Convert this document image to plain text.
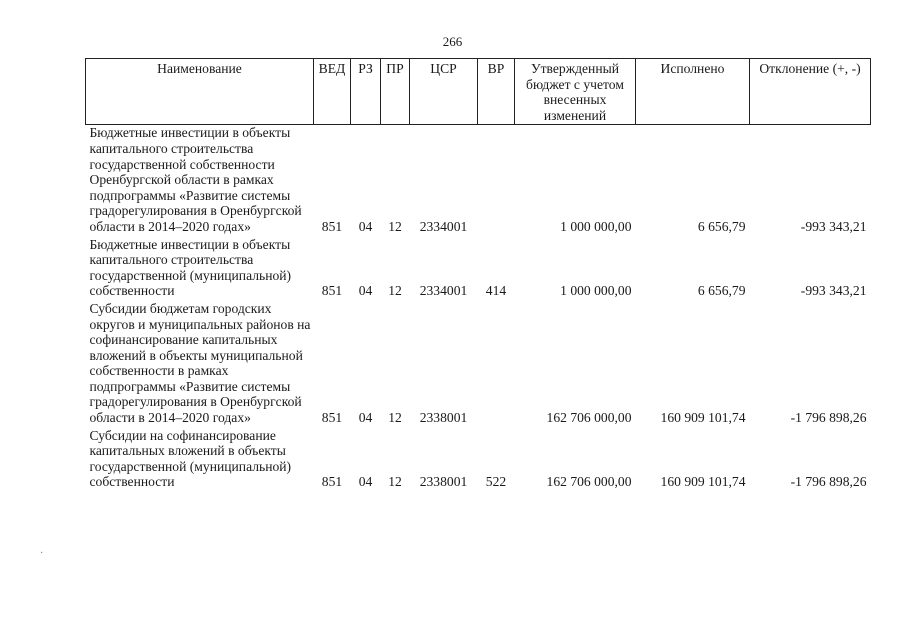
266
Наименование	ВЕД	РЗ	ПР	ЦСР	ВР	Утвержденный бюджет с учетом внесенных изменений	Исполнено	Отклонение (+, -)
Бюджетные инвестиции в объекты капитального строительства государственной собственности Оренбургской области в рамках подпрограммы «Развитие системы градорегулирования в Оренбургской области в 2014–2020 годах»	851	04	12	2334001		1 000 000,00	6 656,79	-993 343,21
Бюджетные инвестиции в объекты капитального строительства государственной (муниципальной) собственности	851	04	12	2334001	414	1 000 000,00	6 656,79	-993 343,21
Субсидии бюджетам городских округов и муниципальных районов на софинансирование капитальных вложений в объекты муниципальной собственности в рамках подпрограммы «Развитие системы градорегулирования в Оренбургской области в 2014–2020 годах»	851	04	12	2338001		162 706 000,00	160 909 101,74	-1 796 898,26
Субсидии на софинансирование капитальных вложений в объекты государственной (муниципальной) собственности	851	04	12	2338001	522	162 706 000,00	160 909 101,74	-1 796 898,26
·
